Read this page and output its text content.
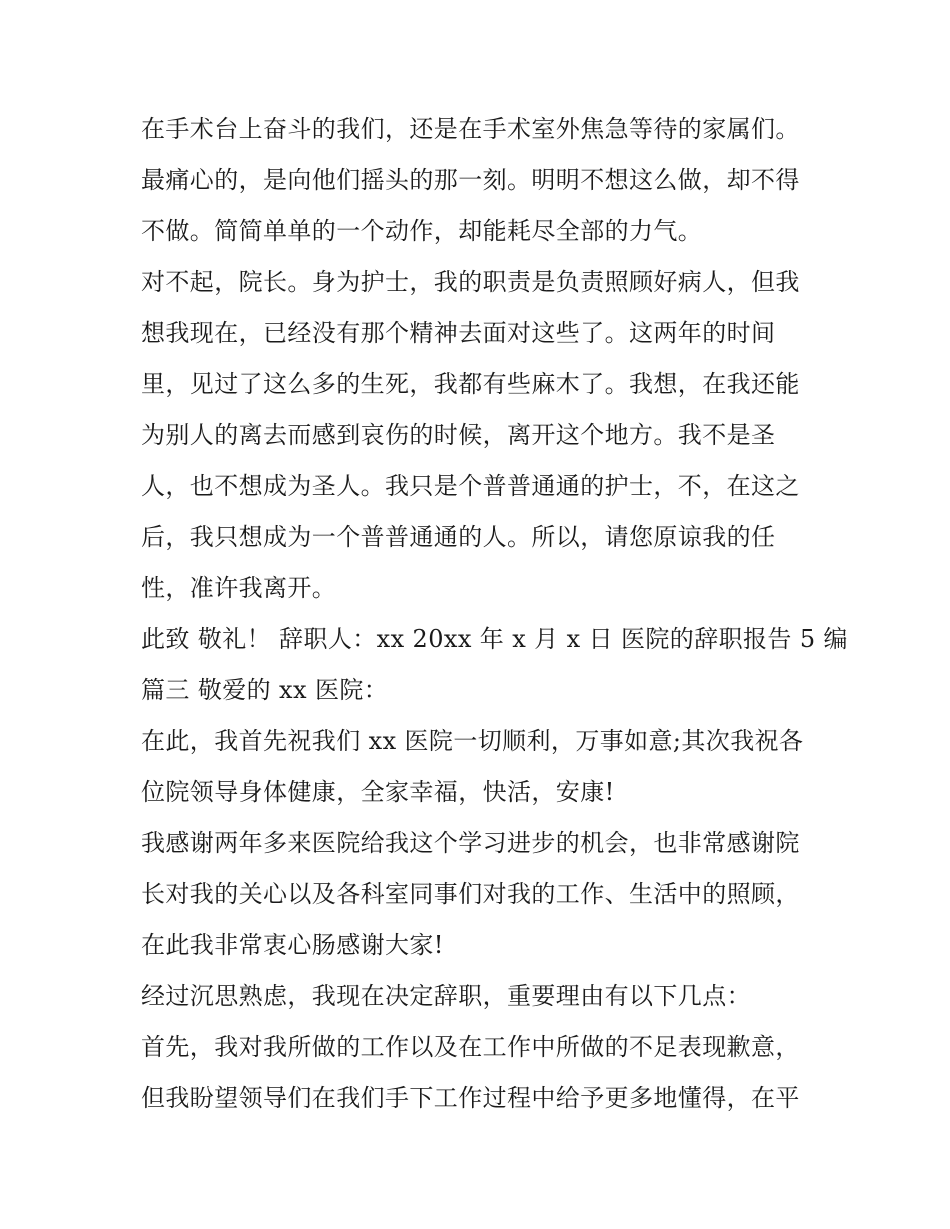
在手术台上奋斗的我们，还是在手术室外焦急等待的家属们。
最痛心的，是向他们摇头的那一刻。明明不想这么做，却不得
不做。简简单单的一个动作，却能耗尽全部的力气。
对不起，院长。身为护士，我的职责是负责照顾好病人，但我
想我现在，已经没有那个精神去面对这些了。这两年的时间
里，见过了这么多的生死，我都有些麻木了。我想，在我还能
为别人的离去而感到哀伤的时候，离开这个地方。我不是圣
人，也不想成为圣人。我只是个普普通通的护士，不，在这之
后，我只想成为一个普普通通的人。所以，请您原谅我的任
性，准许我离开。
此致 敬礼！ 辞职人：xx 20xx 年 x 月 x 日 医院的辞职报告 5 编
篇三 敬爱的 xx 医院：
在此，我首先祝我们 xx 医院一切顺利，万事如意;其次我祝各
位院领导身体健康，全家幸福，快活，安康!
我感谢两年多来医院给我这个学习进步的机会，也非常感谢院
长对我的关心以及各科室同事们对我的工作、生活中的照顾，
在此我非常衷心肠感谢大家!
经过沉思熟虑，我现在决定辞职，重要理由有以下几点：
首先，我对我所做的工作以及在工作中所做的不足表现歉意，
但我盼望领导们在我们手下工作过程中给予更多地懂得，在平
